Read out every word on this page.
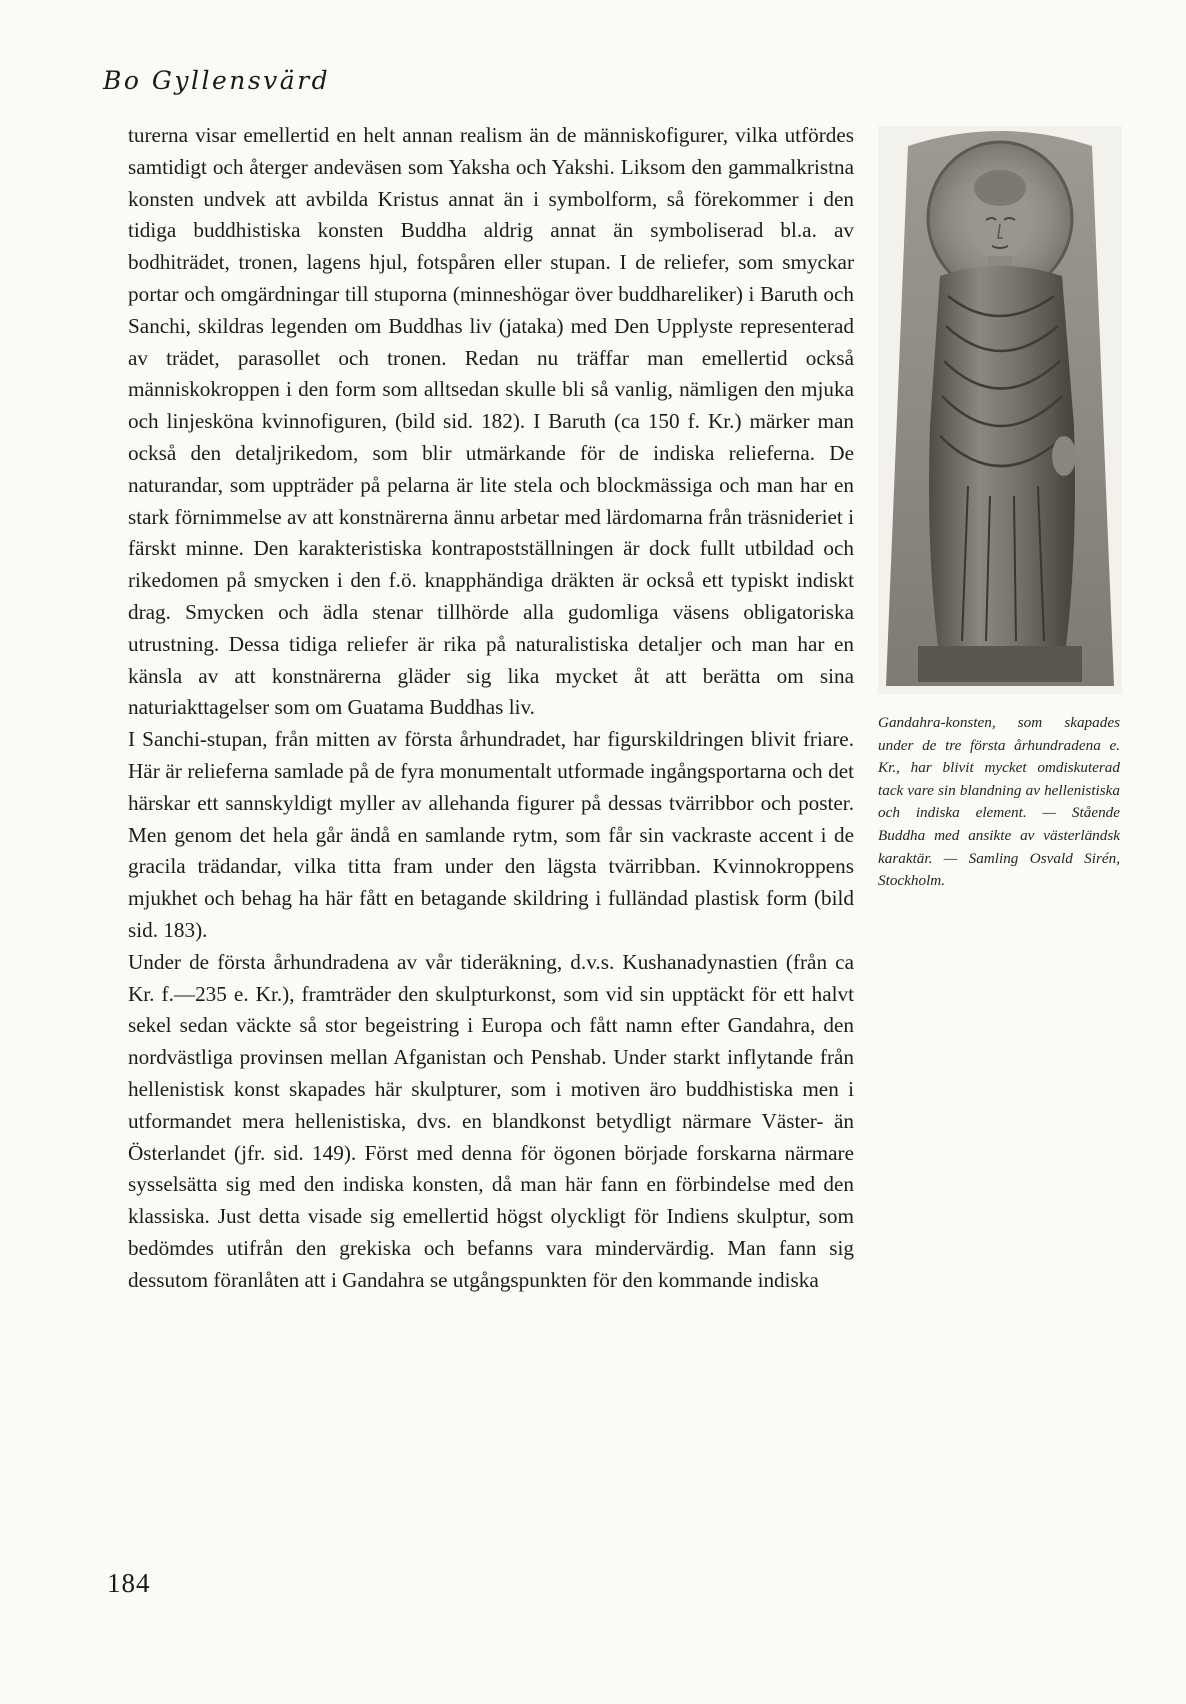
Bo Gyllensvärd

turerna visar emellertid en helt annan realism än de människofigurer, vilka utfördes samtidigt och återger andeväsen som Yaksha och Yakshi. Liksom den gammalkristna konsten undvek att avbilda Kristus annat än i symbolform, så förekommer i den tidiga buddhistiska konsten Buddha aldrig annat än symboliserad bl.a. av bodhiträdet, tronen, lagens hjul, fotspåren eller stupan. I de reliefer, som smyckar portar och omgärdningar till stuporna (minneshögar över buddhareliker) i Baruth och Sanchi, skildras legenden om Buddhas liv (jataka) med Den Upplyste representerad av trädet, parasollet och tronen. Redan nu träffar man emellertid också människokroppen i den form som alltsedan skulle bli så vanlig, nämligen den mjuka och linjesköna kvinnofiguren, (bild sid. 182). I Baruth (ca 150 f. Kr.) märker man också den detaljrikedom, som blir utmärkande för de indiska relieferna. De naturandar, som uppträder på pelarna är lite stela och blockmässiga och man har en stark förnimmelse av att konstnärerna ännu arbetar med lärdomarna från träsnideriet i färskt minne. Den karakteristiska kontrapostställningen är dock fullt utbildad och rikedomen på smycken i den f.ö. knapphändiga dräkten är också ett typiskt indiskt drag. Smycken och ädla stenar tillhörde alla gudomliga väsens obligatoriska utrustning. Dessa tidiga reliefer är rika på naturalistiska detaljer och man har en känsla av att konstnärerna gläder sig lika mycket åt att berätta om sina naturiakttagelser som om Guatama Buddhas liv.

I Sanchi-stupan, från mitten av första århundradet, har figurskildringen blivit friare. Här är relieferna samlade på de fyra monumentalt utformade ingångsportarna och det härskar ett sannskyldigt myller av allehanda figurer på dessas tvärribbor och poster. Men genom det hela går ändå en samlande rytm, som får sin vackraste accent i de gracila trädandar, vilka titta fram under den lägsta tvärribban. Kvinnokroppens mjukhet och behag ha här fått en betagande skildring i fulländad plastisk form (bild sid. 183).

Under de första århundradena av vår tideräkning, d.v.s. Kushanadynastien (från ca Kr. f.—235 e. Kr.), framträder den skulpturkonst, som vid sin upptäckt för ett halvt sekel sedan väckte så stor begeistring i Europa och fått namn efter Gandahra, den nordvästliga provinsen mellan Afganistan och Penshab. Under starkt inflytande från hellenistisk konst skapades här skulpturer, som i motiven äro buddhistiska men i utformandet mera hellenistiska, dvs. en blandkonst betydligt närmare Väster- än Österlandet (jfr. sid. 149). Först med denna för ögonen började forskarna närmare sysselsätta sig med den indiska konsten, då man här fann en förbindelse med den klassiska. Just detta visade sig emellertid högst olyckligt för Indiens skulptur, som bedömdes utifrån den grekiska och befanns vara mindervärdig. Man fann sig dessutom föranlåten att i Gandahra se utgångspunkten för den kommande indiska

Gandahra-konsten, som skapades under de tre första århundradena e. Kr., har blivit mycket omdiskuterad tack vare sin blandning av hellenistiska och indiska element. — Stående Buddha med ansikte av västerländsk karaktär. — Samling Osvald Sirén, Stockholm.
184
